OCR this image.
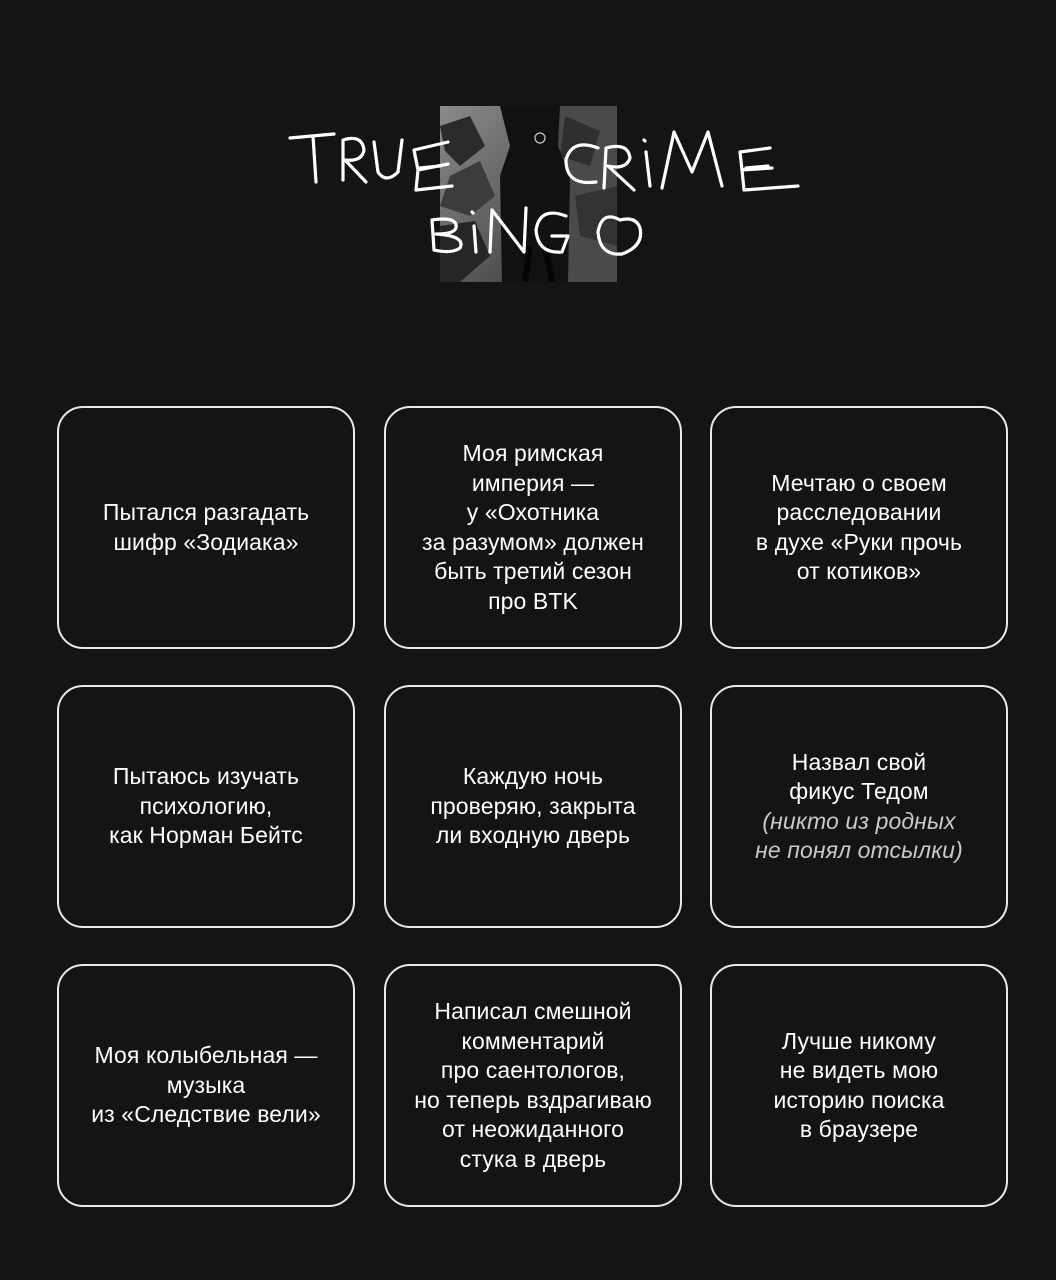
Пытался разгадать
шифр «Зодиака»
Моя римская
империя —
у «Охотника
за разумом» должен
быть третий сезон
про BTK
Мечтаю о своем
расследовании
в духе «Руки прочь
от котиков»
Пытаюсь изучать
психологию,
как Норман Бейтс
Каждую ночь
проверяю, закрыта
ли входную дверь

Назвал свой
фикус Тедом

(никто из родных
не понял отсылки)

Моя колыбельная —
музыка
из «Следствие вели»
Написал смешной
комментарий
про саентологов,
но теперь вздрагиваю
от неожиданного
стука в дверь
Лучше никому
не видеть мою
историю поиска
в браузере
